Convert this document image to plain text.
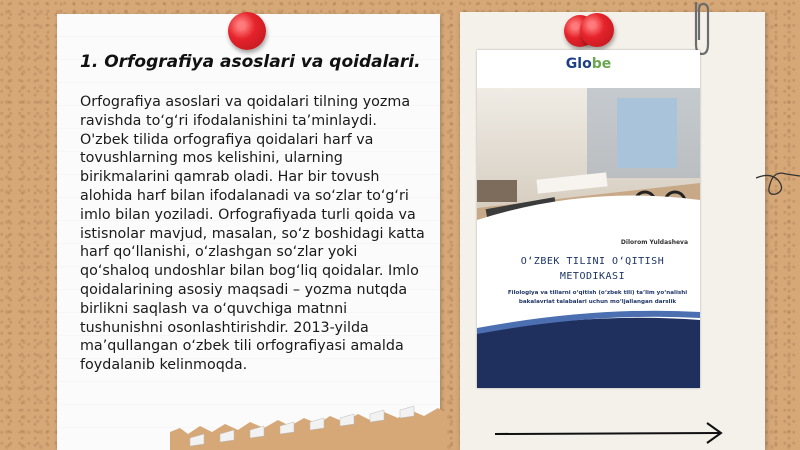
1. Orfografiya asoslari va qoidalari.

Orfografiya asoslari va qoidalari tilning yozma ravishda to‘g‘ri ifodalanishini ta’minlaydi. O'zbek tilida orfografiya qoidalari harf va tovushlarning mos kelishini, ularning birikmalarini qamrab oladi. Har bir tovush alohida harf bilan ifodalanadi va so‘zlar to‘g‘ri imlo bilan yoziladi. Orfografiyada turli qoida va istisnolar mavjud, masalan, so‘z boshidagi katta harf qo‘llanishi, o‘zlashgan so‘zlar yoki qo‘shaloq undoshlar bilan bog‘liq qoidalar. Imlo qoidalarining asosiy maqsadi – yozma nutqda birlikni saqlash va o‘quvchiga matnni tushunishni osonlashtirishdir. 2013-yilda ma’qullangan o‘zbek tili orfografiyasi amalda foydalanib kelinmoqda.

Globe
Dilorom Yuldasheva
O‘ZBEK TILINI O‘QITISH
METODIKASI
Filologiya va tillarni o‘qitish (o‘zbek tili) ta’lim yo‘nalishi bakalavriat talabalari uchun mo‘ljallangan darslik
